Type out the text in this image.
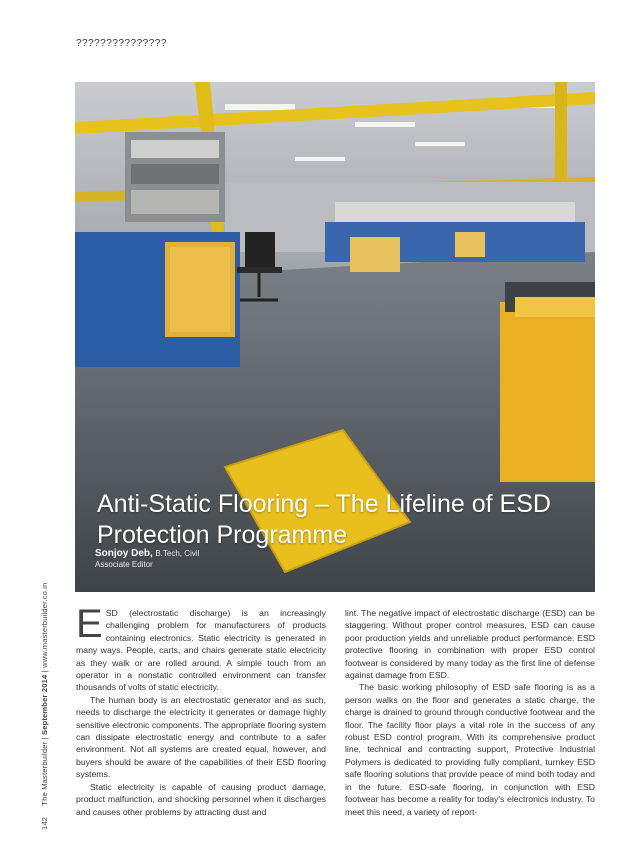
???????????????
Anti-Static Flooring – The Lifeline of ESD Protection Programme
Sonjoy Deb, B.Tech, Civil
Associate Editor
142     The Masterbuilder | September 2014 | www.masterbuilder.co.in ESD (electrostatic discharge) is an increasingly challenging problem for manufacturers of products containing electronics. Static electricity is generated in many ways. People, carts, and chairs generate static electricity as they walk or are rolled around. A simple touch from an operator in a nonstatic controlled environment can transfer thousands of volts of static electricity.

The human body is an electrostatic generator and as such, needs to discharge the electricity it generates or damage highly sensitive electronic components. The appropriate flooring system can dissipate electrostatic energy and contribute to a safer environment. Not all systems are created equal, however, and buyers should be aware of the capabilities of their ESD flooring systems.

Static electricity is capable of causing product damage, product malfunction, and shocking personnel when it discharges and causes other problems by attracting dust and

lint. The negative impact of electrostatic discharge (ESD) can be staggering. Without proper control measures, ESD can cause poor production yields and unreliable product performance. ESD protective flooring in combination with proper ESD control footwear is considered by many today as the first line of defense against damage from ESD.

The basic working philosophy of ESD safe flooring is as a person walks on the floor and generates a static charge, the charge is drained to ground through conductive footwear and the floor. The facility floor plays a vital role in the success of any robust ESD control program. With its comprehensive product line, technical and contracting support, Protective Industrial Polymers is dedicated to providing fully compliant, turnkey ESD safe flooring solutions that provide peace of mind both today and in the future. ESD-safe flooring, in conjunction with ESD footwear has become a reality for today's electronics industry. To meet this need, a variety of report-
